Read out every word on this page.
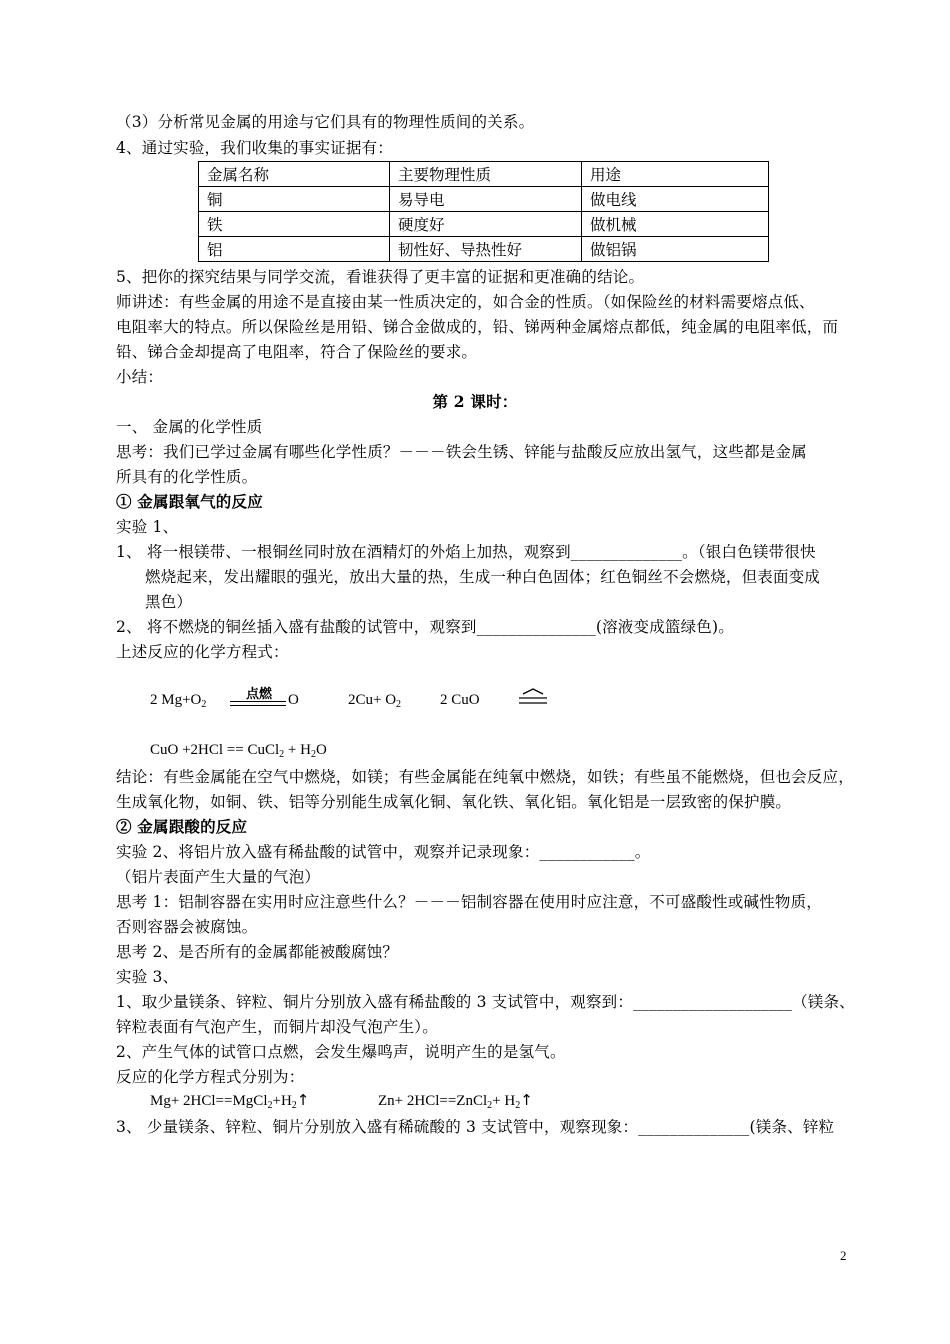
（3）分析常见金属的用途与它们具有的物理性质间的关系。
4、通过实验，我们收集的事实证据有：
金属名称	主要物理性质	用途
铜	易导电	做电线
铁	硬度好	做机械
铝	韧性好、导热性好	做铝锅
5、把你的探究结果与同学交流，看谁获得了更丰富的证据和更准确的结论。
师讲述：有些金属的用途不是直接由某一性质决定的，如合金的性质。（如保险丝的材料需要熔点低、
电阻率大的特点。所以保险丝是用铅、锑合金做成的，铅、锑两种金属熔点都低，纯金属的电阻率低，而
铅、锑合金却提高了电阻率，符合了保险丝的要求。
小结：
第 2 课时：
一、 金属的化学性质
思考：我们已学过金属有哪些化学性质？－－－铁会生锈、锌能与盐酸反应放出氢气，这些都是金属
所具有的化学性质。
① 金属跟氧气的反应
实验 1、
1、 将一根镁带、一根铜丝同时放在酒精灯的外焰上加热，观察到______________。（银白色镁带很快
燃烧起来，发出耀眼的强光，放出大量的热，生成一种白色固体；红色铜丝不会燃烧，但表面变成
黑色）
2、 将不燃烧的铜丝插入盛有盐酸的试管中，观察到_______________(溶液变成篮绿色)。
上述反应的化学方程式：
2 $Mg+O_2$
点燃	O	$2Cu+ O_2$	2 CuO
CuO +2HCl == CuCl$_2$ + $H_2O$
结论：有些金属能在空气中燃烧，如镁；有些金属能在纯氧中燃烧，如铁；有些虽不能燃烧，但也会反应，
生成氧化物，如铜、铁、铝等分别能生成氧化铜、氧化铁、氧化铝。氧化铝是一层致密的保护膜。
② 金属跟酸的反应
实验 2、将铝片放入盛有稀盐酸的试管中，观察并记录现象：____________。
（铝片表面产生大量的气泡）
思考 1：铝制容器在实用时应注意些什么？－－－铝制容器在使用时应注意，不可盛酸性或碱性物质，
否则容器会被腐蚀。
思考 2、是否所有的金属都能被酸腐蚀？
实验 3、
1、取少量镁条、锌粒、铜片分别放入盛有稀盐酸的 3 支试管中，观察到：____________________（镁条、
锌粒表面有气泡产生，而铜片却没气泡产生）。
2、产生气体的试管口点燃，会发生爆鸣声，说明产生的是氢气。
反应的化学方程式分别为：
$Mg+ 2HCl==MgCl_2+H_2↑$	Zn+ 2HCl==ZnCl$_2$+ $H_2↑$
3、 少量镁条、锌粒、铜片分别放入盛有稀硫酸的 3 支试管中，观察现象：______________(镁条、锌粒
2
